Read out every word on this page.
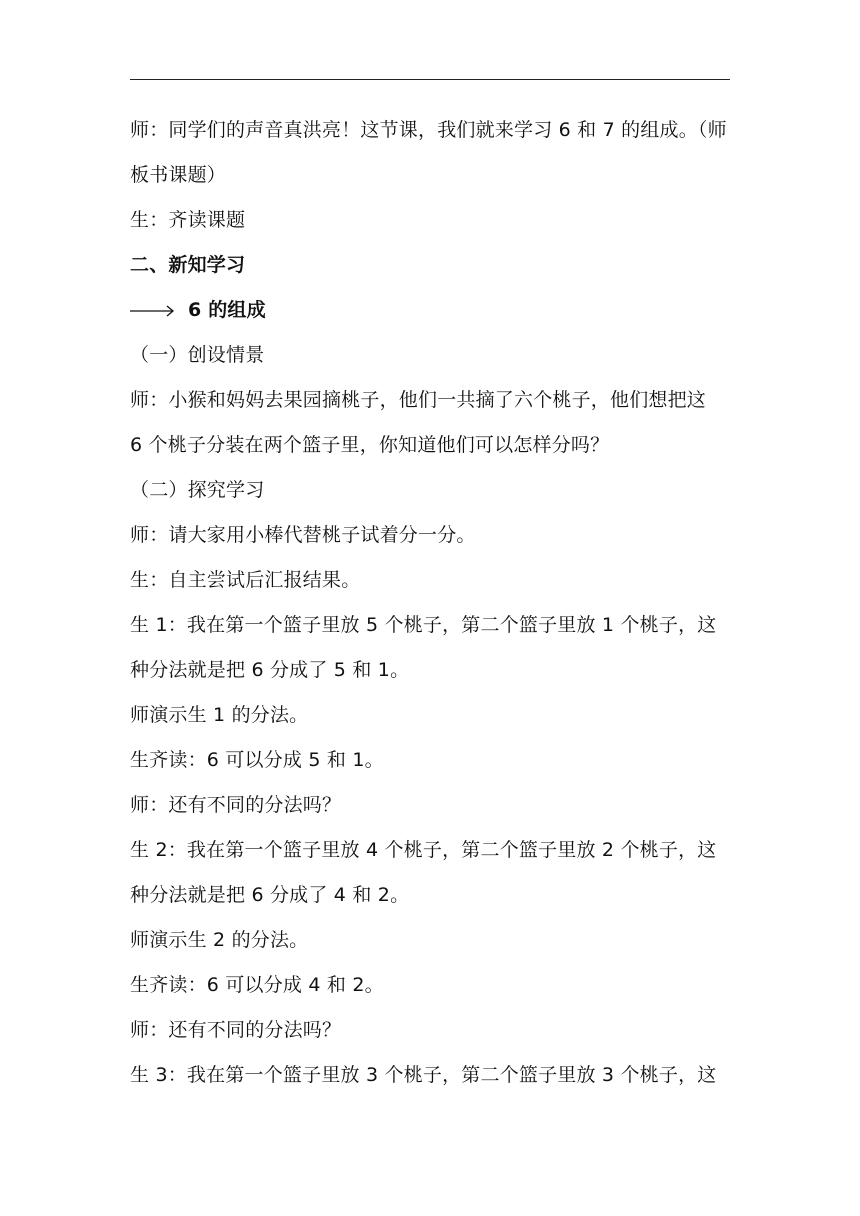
师：同学们的声音真洪亮！这节课，我们就来学习 6 和 7 的组成。（师
板书课题）
生：齐读课题
二、新知学习
6 的组成
（一）创设情景
师：小猴和妈妈去果园摘桃子，他们一共摘了六个桃子，他们想把这
6 个桃子分装在两个篮子里，你知道他们可以怎样分吗？
（二）探究学习
师：请大家用小棒代替桃子试着分一分。
生：自主尝试后汇报结果。
生 1：我在第一个篮子里放 5 个桃子，第二个篮子里放 1 个桃子，这
种分法就是把 6 分成了 5 和 1。
师演示生 1 的分法。
生齐读：6 可以分成 5 和 1。
师：还有不同的分法吗？
生 2：我在第一个篮子里放 4 个桃子，第二个篮子里放 2 个桃子，这
种分法就是把 6 分成了 4 和 2。
师演示生 2 的分法。
生齐读：6 可以分成 4 和 2。
师：还有不同的分法吗？
生 3：我在第一个篮子里放 3 个桃子，第二个篮子里放 3 个桃子，这
